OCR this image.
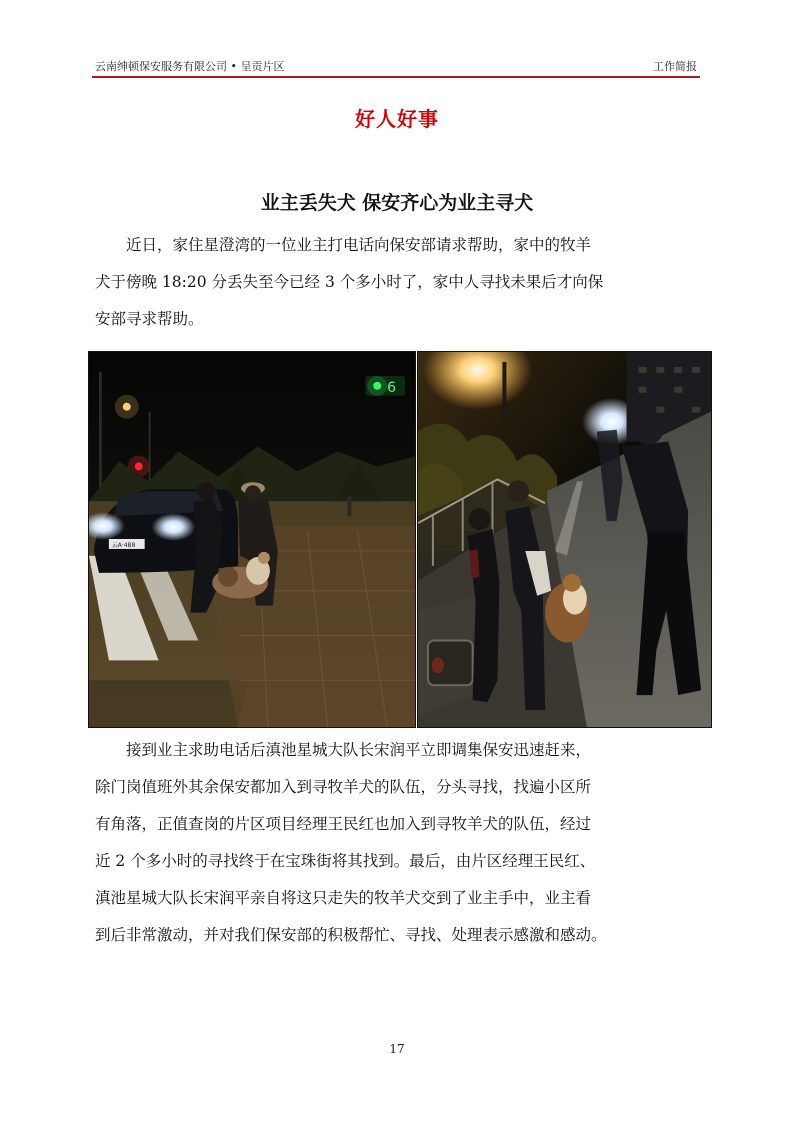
云南绅顿保安服务有限公司 • 呈贡片区	工作简报
好人好事
业主丢失犬 保安齐心为业主寻犬
近日，家住星澄湾的一位业主打电话向保安部请求帮助，家中的牧羊
犬于傍晚 18:20 分丢失至今已经 3 个多小时了，家中人寻找未果后才向保
安部寻求帮助。
6
云A·4B8
接到业主求助电话后滇池星城大队长宋润平立即调集保安迅速赶来，
除门岗值班外其余保安都加入到寻牧羊犬的队伍，分头寻找，找遍小区所
有角落，正值查岗的片区项目经理王民红也加入到寻牧羊犬的队伍，经过
近 2 个多小时的寻找终于在宝珠街将其找到。最后，由片区经理王民红、
滇池星城大队长宋润平亲自将这只走失的牧羊犬交到了业主手中，业主看
到后非常激动，并对我们保安部的积极帮忙、寻找、处理表示感激和感动。
17
